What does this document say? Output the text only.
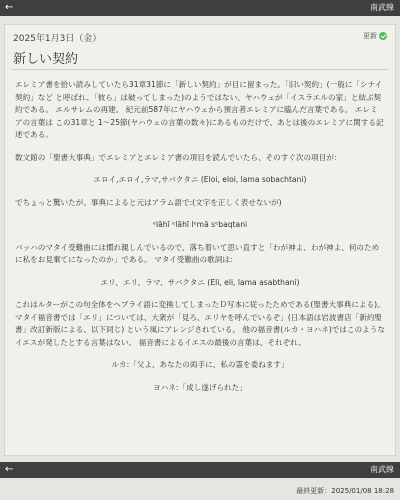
←	南武線
2025年1月3日（金）	更新
新しい契約

エレミア書を拾い読みしていたら31章31節に「新しい契約」が目に留まった。「旧い契約」(一般に「シナイ契約」など と呼ばれ、「彼ら」は破ってしまった)のようではない、ヤハウェが「イスラエルの家」と結ぶ契約である。 エルサレムの再建。 紀元前587年にヤハウェから預言者エレミアに臨んだ言葉である。 エレミアの言葉は この31章と 1〜25節(ヤハウェの言葉の数々)にあるものだけで、あとは後のエレミアに関する記述である。

数文館の「聖書大事典」でエレミアとエレミア書の項目を読んでいたら、そのすぐ次の項目が：

エロイ,エロイ,ラマ,サバクタニ (Eloi, eloi, lama sobachtani)

でちょっと驚いたが、事典によると元はアラム語で:(文字を正しく表せないが)

ᵉlāhī ᵉlāhī lᵉmā sᵉbaqtani

バッハのマタイ受難曲には慣れ親しんでいるので、落ち着いて思い直すと「わが神よ、わが神よ、何のために私をお見棄てになったのか」である。 マタイ受難曲の歌詞は:

エリ、エリ、ラマ、サバクタニ (Eli, eli, lama asabthani)

これはルターがこの句全体をヘブライ語に変換してしまったＤ写本に従ったためである(聖書大事典による)。 マタイ福音書では「エリ」については、大衆が「見ろ、エリヤを呼んでいるぞ」(日本語は岩波書店「新約聖書」改訂新版による、以下同じ) という風にアレンジされている。 他の福音書(ルカ・ヨハネ)ではこのようなイエスが発したとする言葉はない。 福音書によるイエスの最後の言葉は、それぞれ、

ルカ:「父よ、あなたの両手に、私の霊を委ねます」
ヨハネ:「成し遂げられた」
←	南武線
最終更新：2025/01/08 18:28
